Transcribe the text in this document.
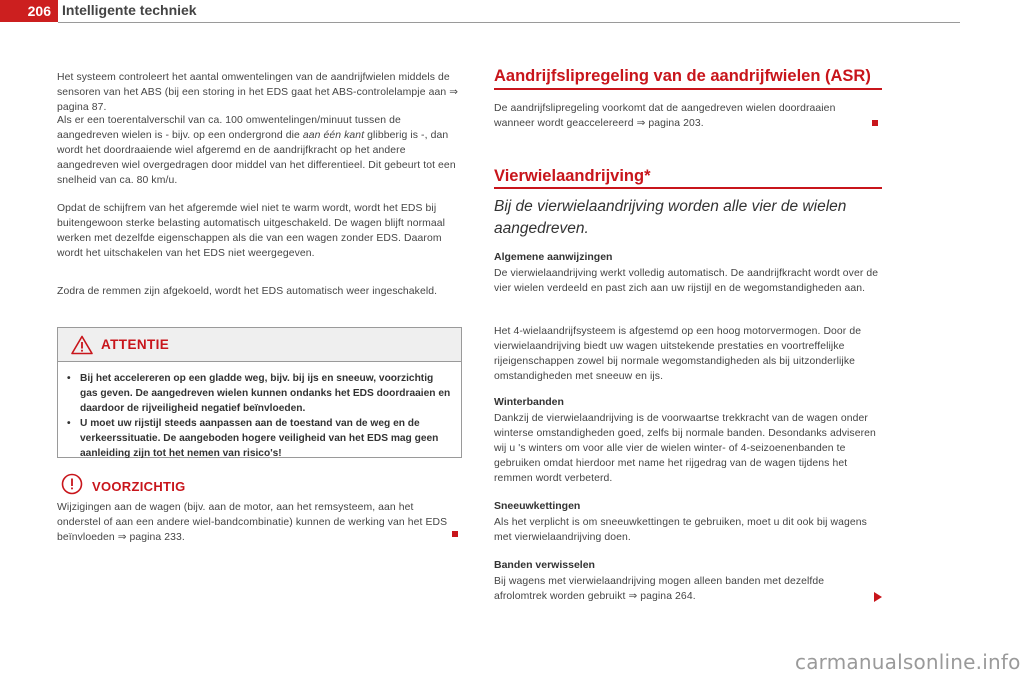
206 Intelligente techniek

Het systeem controleert het aantal omwentelingen van de aandrijfwielen middels de sensoren van het ABS (bij een storing in het EDS gaat het ABS-controlelampje aan ⇒ pagina 87.

Als er een toerentalverschil van ca. 100 omwentelingen/minuut tussen de aangedreven wielen is - bijv. op een ondergrond die aan één kant glibberig is -, dan wordt het doordraaiende wiel afgeremd en de aandrijfkracht op het andere aangedreven wiel overgedragen door middel van het differentieel. Dit gebeurt tot een snelheid van ca. 80 km/u.

Opdat de schijfrem van het afgeremde wiel niet te warm wordt, wordt het EDS bij buitengewoon sterke belasting automatisch uitgeschakeld. De wagen blijft normaal werken met dezelfde eigenschappen als die van een wagen zonder EDS. Daarom wordt het uitschakelen van het EDS niet weergegeven.

Zodra de remmen zijn afgekoeld, wordt het EDS automatisch weer ingeschakeld.

ATTENTIE
• Bij het accelereren op een gladde weg, bijv. bij ijs en sneeuw, voorzichtig gas geven. De aangedreven wielen kunnen ondanks het EDS doordraaien en daardoor de rijveiligheid negatief beïnvloeden.
• U moet uw rijstijl steeds aanpassen aan de toestand van de weg en de verkeerssituatie. De aangeboden hogere veiligheid van het EDS mag geen aanleiding zijn tot het nemen van risico's!
VOORZICHTIG

Wijzigingen aan de wagen (bijv. aan de motor, aan het remsysteem, aan het onderstel of aan een andere wiel-bandcombinatie) kunnen de werking van het EDS beïnvloeden ⇒ pagina 233.

Aandrijfslipregeling van de aandrijfwielen (ASR)

De aandrijfslipregeling voorkomt dat de aangedreven wielen doordraaien wanneer wordt geaccelereerd ⇒ pagina 203.

Vierwielaandrijving*

Bij de vierwielaandrijving worden alle vier de wielen aangedreven.

Algemene aanwijzingen

De vierwielaandrijving werkt volledig automatisch. De aandrijfkracht wordt over de vier wielen verdeeld en past zich aan uw rijstijl en de wegomstandigheden aan.

Het 4-wielaandrijfsysteem is afgestemd op een hoog motorvermogen. Door de vierwielaandrijving biedt uw wagen uitstekende prestaties en voortreffelijke rijeigenschappen zowel bij normale wegomstandigheden als bij uitzonderlijke omstandigheden met sneeuw en ijs.

Winterbanden

Dankzij de vierwielaandrijving is de voorwaartse trekkracht van de wagen onder winterse omstandigheden goed, zelfs bij normale banden. Desondanks adviseren wij u 's winters om voor alle vier de wielen winter- of 4-seizoenenbanden te gebruiken omdat hierdoor met name het rijgedrag van de wagen tijdens het remmen wordt verbeterd.

Sneeuwkettingen

Als het verplicht is om sneeuwkettingen te gebruiken, moet u dit ook bij wagens met vierwielaandrijving doen.

Banden verwisselen

Bij wagens met vierwielaandrijving mogen alleen banden met dezelfde afrolomtrek worden gebruikt ⇒ pagina 264.

carmanualsonline.info
